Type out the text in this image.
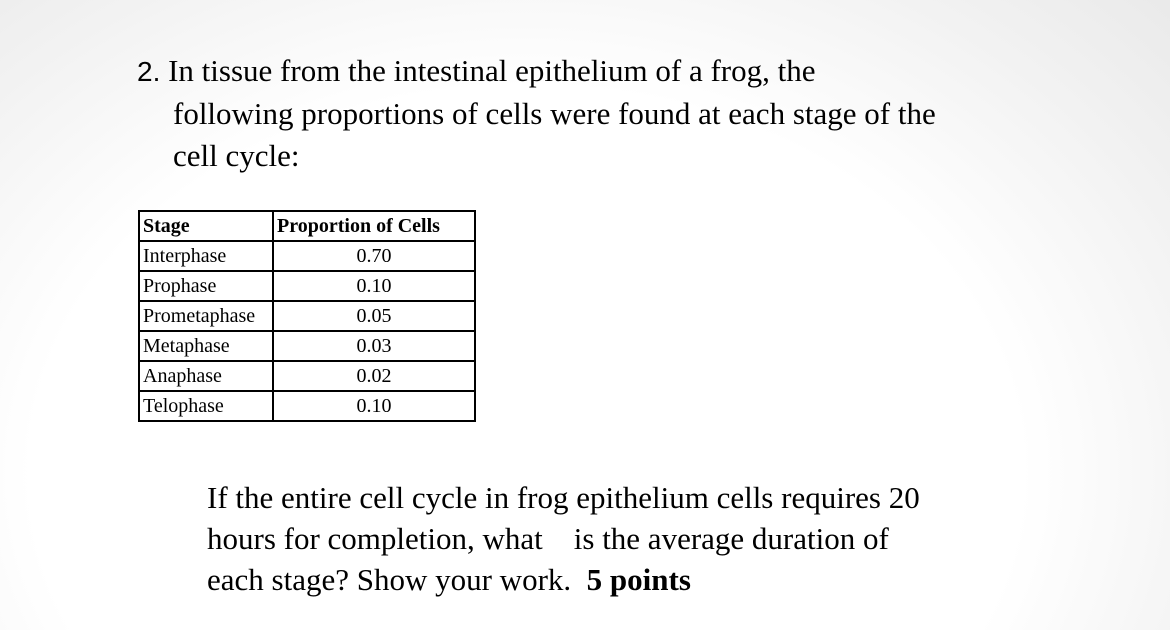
2. In tissue from the intestinal epithelium of a frog, the
following proportions of cells were found at each stage of the
cell cycle:
Stage	Proportion of Cells
Interphase	0.70
Prophase	0.10
Prometaphase	0.05
Metaphase	0.03
Anaphase	0.02
Telophase	0.10
If the entire cell cycle in frog epithelium cells requires 20
hours for completion, what    is the average duration of
each stage? Show your work.  5 points
